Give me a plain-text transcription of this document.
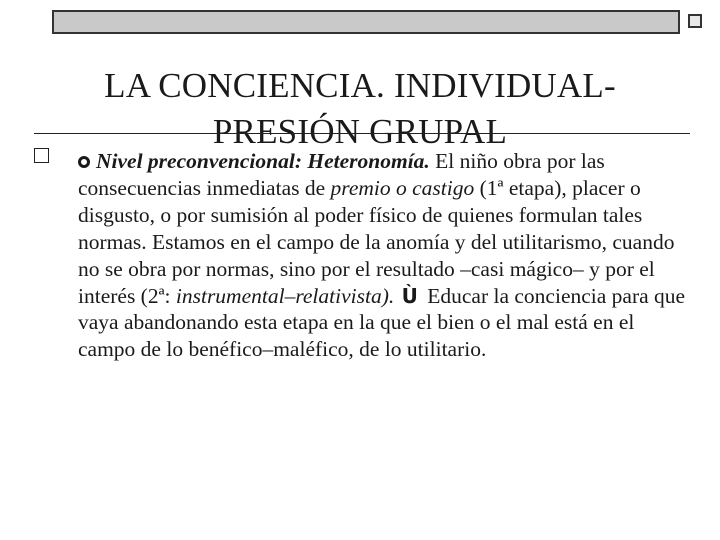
LA CONCIENCIA. INDIVIDUAL-
PRESIÓN GRUPAL
Nivel preconvencional: Heteronomía. El niño obra por las consecuencias inmediatas de premio o castigo (1ª etapa), placer o disgusto, o por sumisión al poder físico de quienes formulan tales normas. Estamos en el campo de la anomía y del utilitarismo, cuando no se obra por normas, sino por el resultado –casi mágico– y por el interés (2ª: instrumental–relativista). Ù Educar la conciencia para que vaya abandonando esta etapa en la que el bien o el mal está en el campo de lo benéfico–maléfico, de lo utilitario.
